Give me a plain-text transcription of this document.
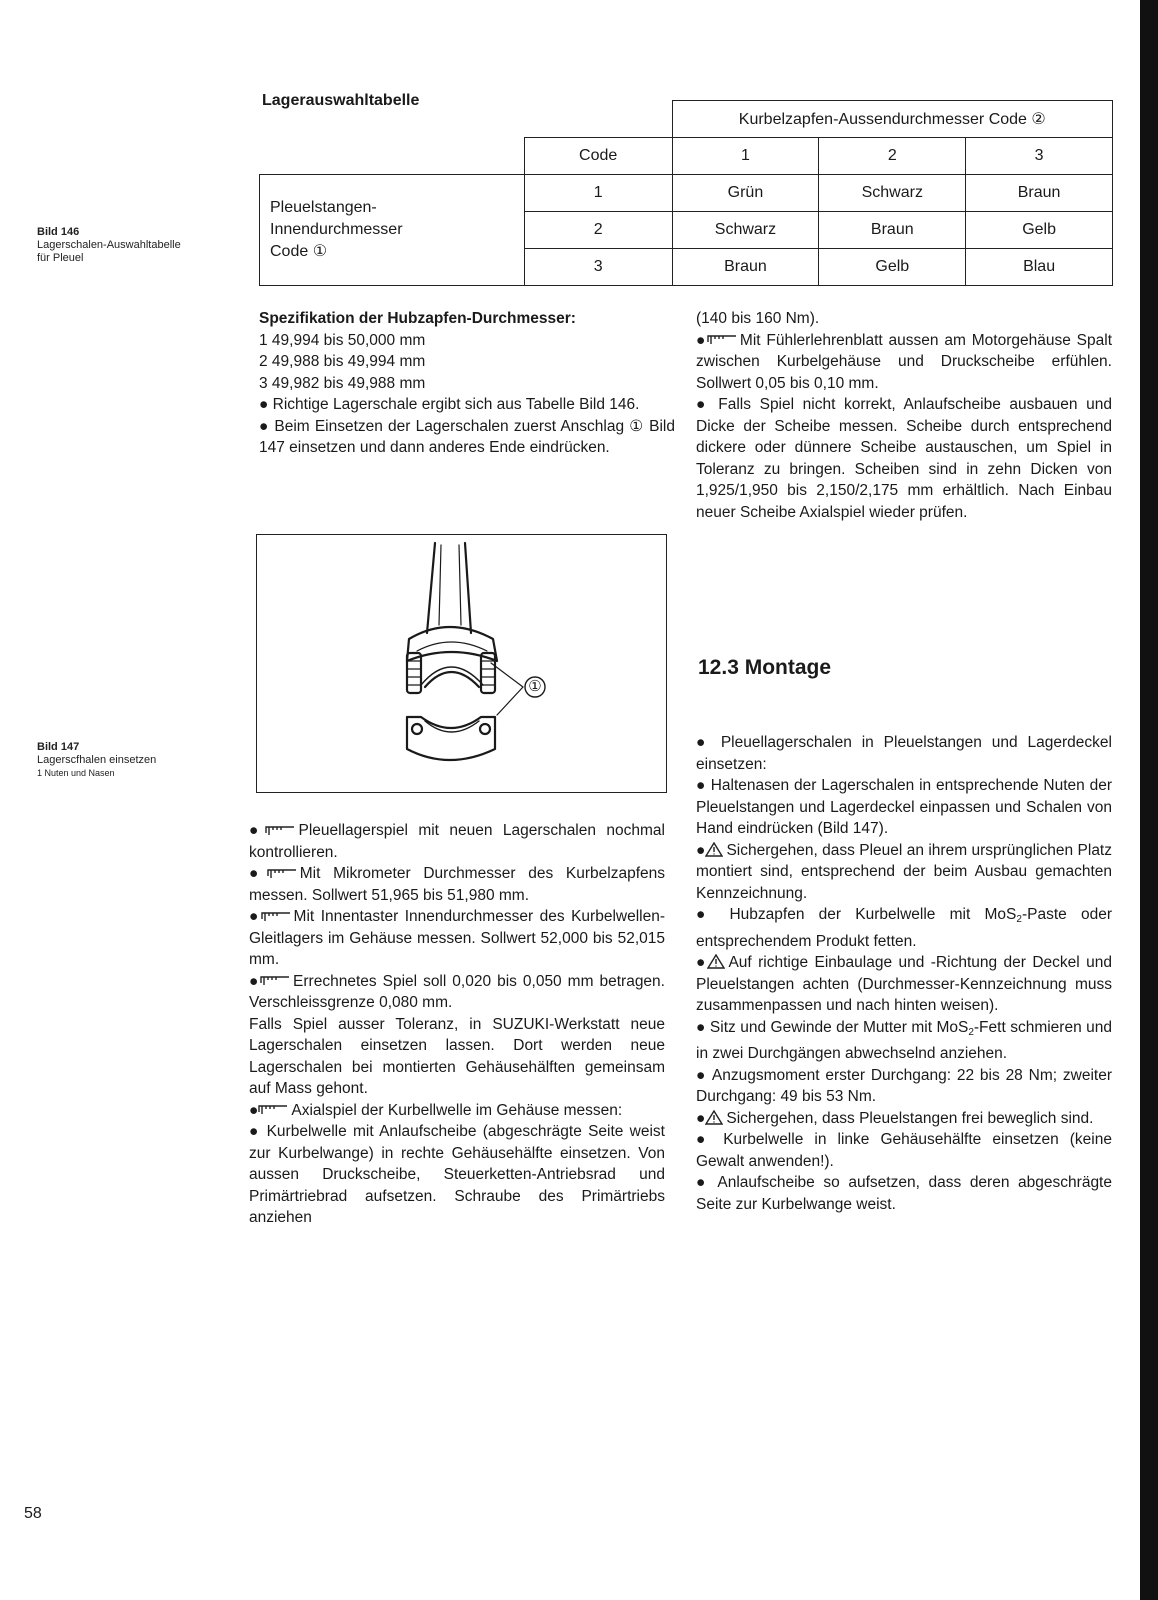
Bild 146
Lagerschalen-Auswahltabelle
für Pleuel
Bild 147
Lagerscfhalen einsetzen
1 Nuten und Nasen
Lagerauswahltabelle
		Kurbelzapfen-Aussendurchmesser Code ②		
	Code	1	2	3
Pleuelstangen-
Innendurchmesser
Code ①	1	Grün	Schwarz	Braun
	2	Schwarz	Braun	Gelb
	3	Braun	Gelb	Blau

Spezifikation der Hubzapfen-Durchmesser:

1 49,994 bis 50,000 mm

2 49,988 bis 49,994 mm

3 49,982 bis 49,988 mm

● Richtige Lagerschale ergibt sich aus Tabelle Bild 146.

● Beim Einsetzen der Lagerschalen zuerst Anschlag ① Bild 147 einsetzen und dann anderes Ende eindrücken.

①

● Pleuellagerspiel mit neuen Lagerschalen nochmal kontrollieren.

● Mit Mikrometer Durchmesser des Kurbelzapfens messen. Sollwert 51,965 bis 51,980 mm.

● Mit Innentaster Innendurchmesser des Kurbelwellen-Gleitlagers im Gehäuse messen. Sollwert 52,000 bis 52,015 mm.

● Errechnetes Spiel soll 0,020 bis 0,050 mm betragen. Verschleissgrenze 0,080 mm.

Falls Spiel ausser Toleranz, in SUZUKI-Werkstatt neue Lagerschalen einsetzen lassen. Dort werden neue Lagerschalen bei montierten Gehäusehälften gemeinsam auf Mass gehont.

● Axialspiel der Kurbellwelle im Gehäuse messen:

● Kurbelwelle mit Anlaufscheibe (abgeschrägte Seite weist zur Kurbelwange) in rechte Gehäusehälfte einsetzen. Von aussen Druckscheibe, Steuerketten-Antriebsrad und Primärtriebrad aufsetzen. Schraube des Primärtriebs anziehen

(140 bis 160 Nm).

● Mit Fühlerlehrenblatt aussen am Motorgehäuse Spalt zwischen Kurbelgehäuse und Druckscheibe erfühlen. Sollwert 0,05 bis 0,10 mm.

● Falls Spiel nicht korrekt, Anlaufscheibe ausbauen und Dicke der Scheibe messen. Scheibe durch entsprechend dickere oder dünnere Scheibe austauschen, um Spiel in Toleranz zu bringen. Scheiben sind in zehn Dicken von 1,925/1,950 bis 2,150/2,175 mm erhältlich. Nach Einbau neuer Scheibe Axialspiel wieder prüfen.

12.3 Montage

● Pleuellagerschalen in Pleuelstangen und Lagerdeckel einsetzen:

● Haltenasen der Lagerschalen in entsprechende Nuten der Pleuelstangen und Lagerdeckel einpassen und Schalen von Hand eindrücken (Bild 147).

● Sichergehen, dass Pleuel an ihrem ursprünglichen Platz montiert sind, entsprechend der beim Ausbau gemachten Kennzeichnung.

● Hubzapfen der Kurbelwelle mit MoS$_2$-Paste oder entsprechendem Produkt fetten.

● Auf richtige Einbaulage und -Richtung der Deckel und Pleuelstangen achten (Durchmesser-Kennzeichnung muss zusammenpassen und nach hinten weisen).

● Sitz und Gewinde der Mutter mit MoS$_2$-Fett schmieren und in zwei Durchgängen abwechselnd anziehen.

● Anzugsmoment erster Durchgang: 22 bis 28 Nm; zweiter Durchgang: 49 bis 53 Nm.

● Sichergehen, dass Pleuelstangen frei beweglich sind.

● Kurbelwelle in linke Gehäusehälfte einsetzen (keine Gewalt anwenden!).

● Anlaufscheibe so aufsetzen, dass deren abgeschrägte Seite zur Kurbelwange weist.

58
